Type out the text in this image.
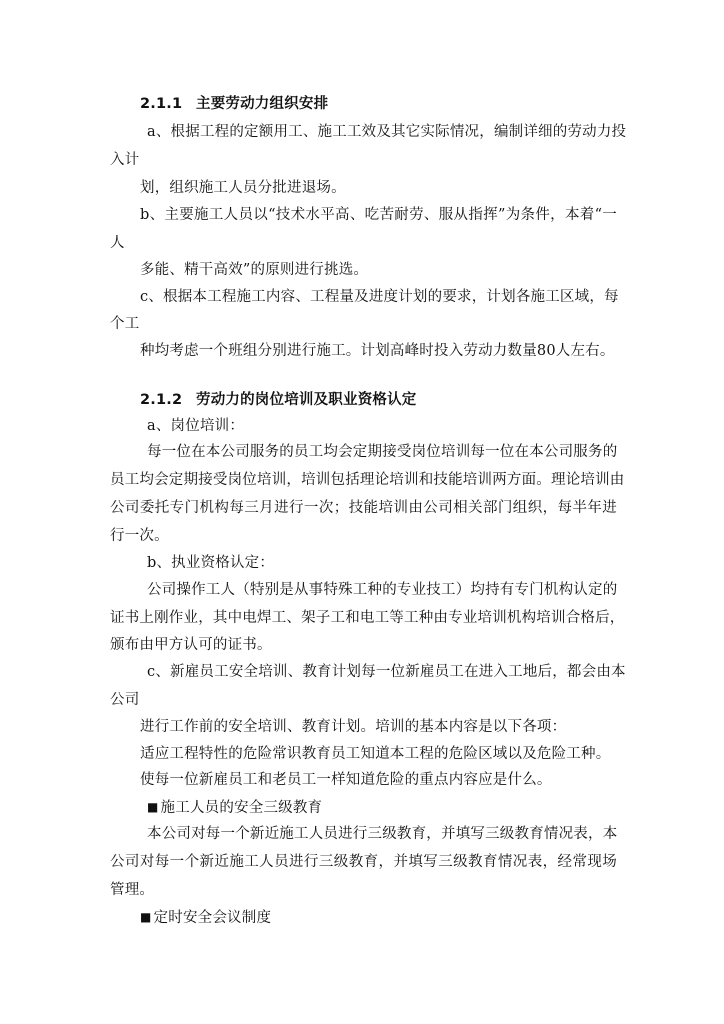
2.1.1 主要劳动力组织安排
a、根据工程的定额用工、施工工效及其它实际情况，编制详细的劳动力投
入计
划，组织施工人员分批进退场。
b、主要施工人员以“技术水平高、吃苦耐劳、服从指挥”为条件，本着“一
人
多能、精干高效”的原则进行挑选。
c、根据本工程施工内容、工程量及进度计划的要求，计划各施工区域，每
个工
种均考虑一个班组分别进行施工。计划高峰时投入劳动力数量80人左右。
2.1.2 劳动力的岗位培训及职业资格认定
a、岗位培训：
每一位在本公司服务的员工均会定期接受岗位培训每一位在本公司服务的
员工均会定期接受岗位培训，培训包括理论培训和技能培训两方面。理论培训由
公司委托专门机构每三月进行一次；技能培训由公司相关部门组织，每半年进
行一次。
b、执业资格认定：
公司操作工人（特别是从事特殊工种的专业技工）均持有专门机构认定的
证书上刚作业，其中电焊工、架子工和电工等工种由专业培训机构培训合格后，
颁布由甲方认可的证书。
c、新雇员工安全培训、教育计划每一位新雇员工在进入工地后，都会由本
公司
进行工作前的安全培训、教育计划。培训的基本内容是以下各项：
适应工程特性的危险常识教育员工知道本工程的危险区域以及危险工种。
使每一位新雇员工和老员工一样知道危险的重点内容应是什么。
■ 施工人员的安全三级教育
本公司对每一个新近施工人员进行三级教育，并填写三级教育情况表，本
公司对每一个新近施工人员进行三级教育，并填写三级教育情况表，经常现场
管理。
■ 定时安全会议制度
